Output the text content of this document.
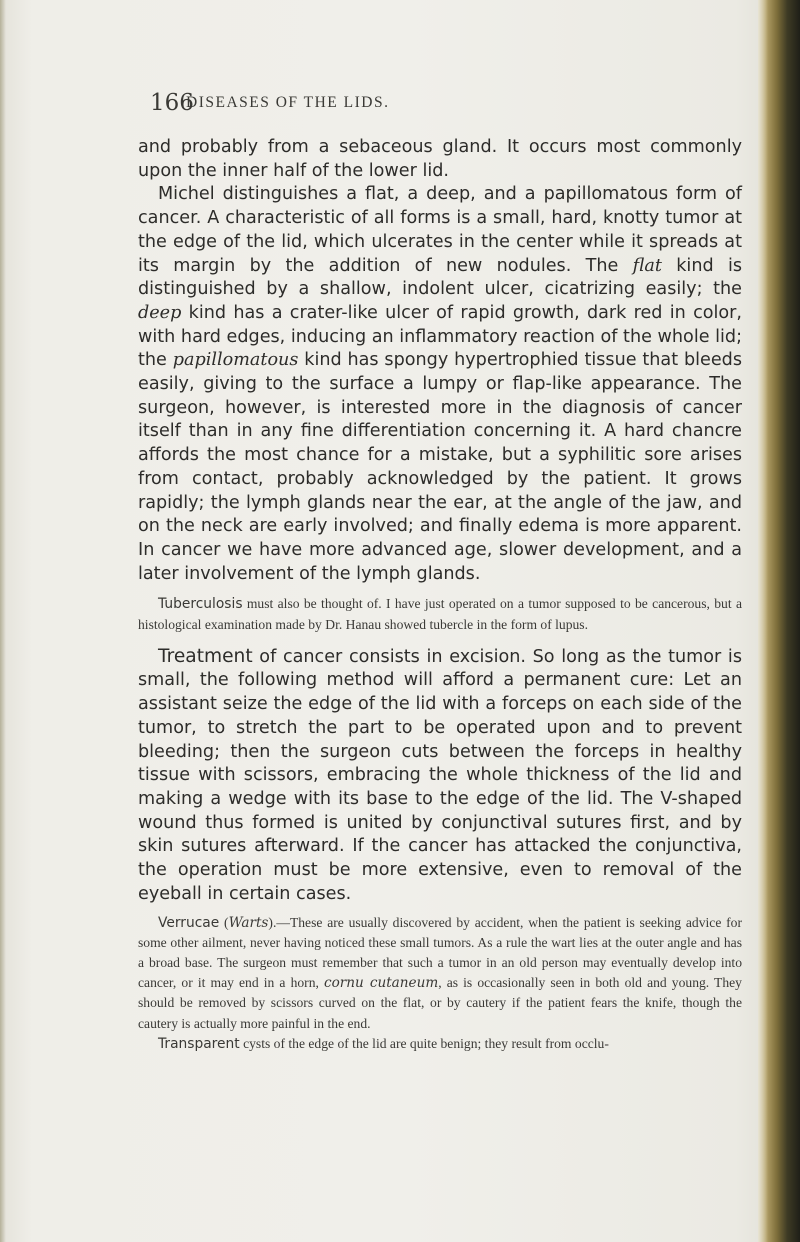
166
DISEASES OF THE LIDS.

and probably from a sebaceous gland. It occurs most commonly upon the inner half of the lower lid.

Michel distinguishes a flat, a deep, and a papillomatous form of cancer. A characteristic of all forms is a small, hard, knotty tumor at the edge of the lid, which ulcerates in the center while it spreads at its margin by the addition of new nodules. The flat kind is distinguished by a shallow, indolent ulcer, cicatrizing easily; the deep kind has a crater-like ulcer of rapid growth, dark red in color, with hard edges, inducing an inflammatory reaction of the whole lid; the papillomatous kind has spongy hypertrophied tissue that bleeds easily, giving to the surface a lumpy or flap-like appearance. The surgeon, however, is interested more in the diagnosis of cancer itself than in any fine differentiation concerning it. A hard chancre affords the most chance for a mistake, but a syphilitic sore arises from contact, probably acknowledged by the patient. It grows rapidly; the lymph glands near the ear, at the angle of the jaw, and on the neck are early involved; and finally edema is more apparent. In cancer we have more advanced age, slower development, and a later involvement of the lymph glands.

Tuberculosis must also be thought of. I have just operated on a tumor supposed to be cancerous, but a histological examination made by Dr. Hanau showed tubercle in the form of lupus.

Treatment of cancer consists in excision. So long as the tumor is small, the following method will afford a permanent cure: Let an assistant seize the edge of the lid with a forceps on each side of the tumor, to stretch the part to be operated upon and to prevent bleeding; then the surgeon cuts between the forceps in healthy tissue with scissors, embracing the whole thickness of the lid and making a wedge with its base to the edge of the lid. The V-shaped wound thus formed is united by conjunctival sutures first, and by skin sutures afterward. If the cancer has attacked the conjunctiva, the operation must be more extensive, even to removal of the eyeball in certain cases.

Verrucae (Warts).—These are usually discovered by accident, when the patient is seeking advice for some other ailment, never having noticed these small tumors. As a rule the wart lies at the outer angle and has a broad base. The surgeon must remember that such a tumor in an old person may eventually develop into cancer, or it may end in a horn, cornu cutaneum, as is occasionally seen in both old and young. They should be removed by scissors curved on the flat, or by cautery if the patient fears the knife, though the cautery is actually more painful in the end.

Transparent cysts of the edge of the lid are quite benign; they result from occlu-
